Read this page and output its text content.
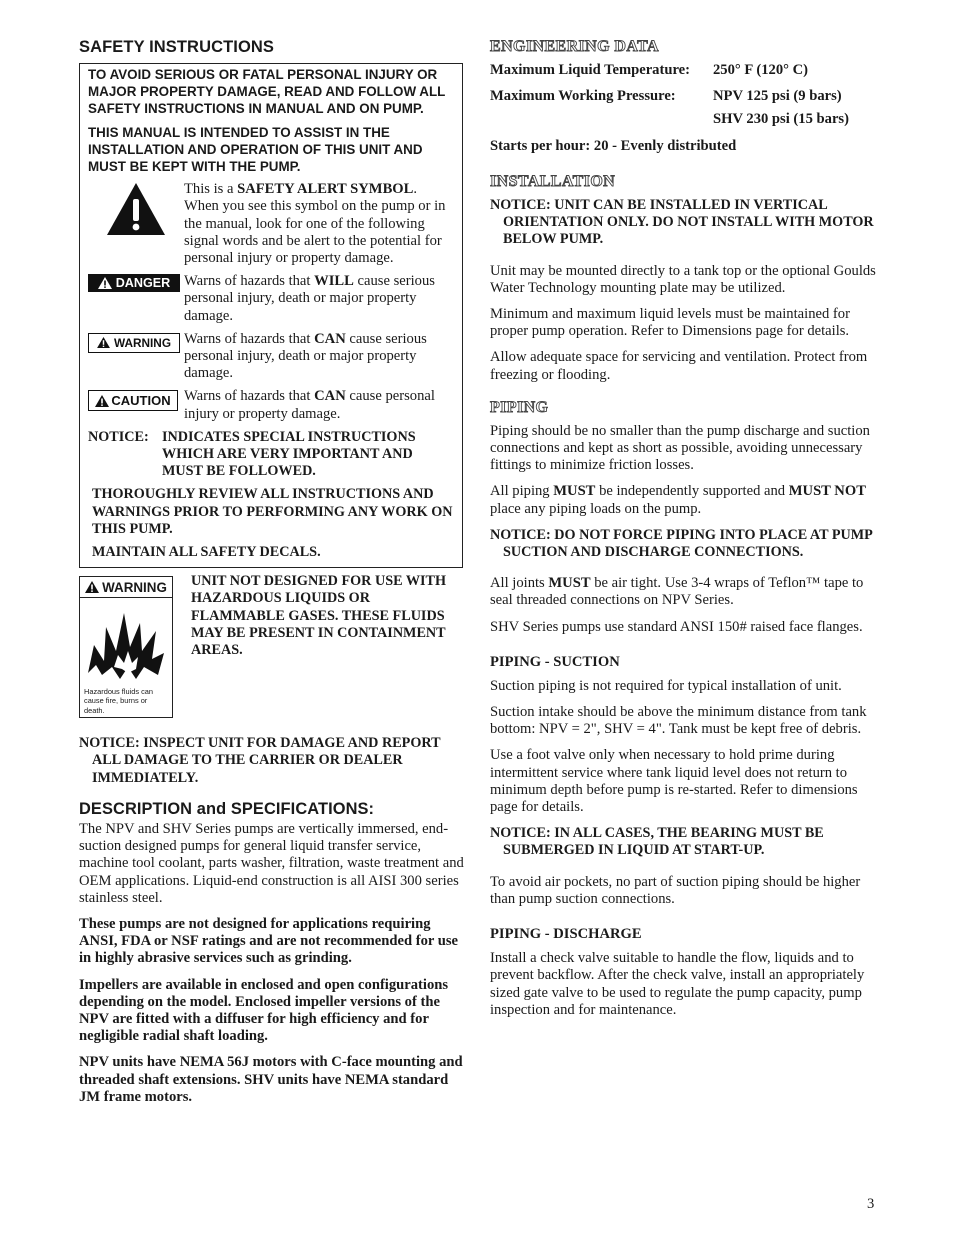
SAFETY INSTRUCTIONS

TO AVOID SERIOUS OR FATAL PERSONAL INJURY OR MAJOR PROPERTY DAMAGE, READ AND FOLLOW ALL SAFETY INSTRUCTIONS IN MANUAL AND ON PUMP.

THIS MANUAL IS INTENDED TO ASSIST IN THE INSTALLATION AND OPERATION OF THIS UNIT AND MUST BE KEPT WITH THE PUMP.

This is a SAFETY ALERT SYMBOL. When you see this symbol on the pump or in the manual, look for one of the following signal words and be alert to the potential for personal injury or property damage.

DANGER Warns of hazards that WILL cause serious personal injury, death or major property damage.

WARNING Warns of hazards that CAN cause serious personal injury, death or major property damage.

CAUTION Warns of hazards that CAN cause personal injury or property damage.

NOTICE: INDICATES SPECIAL INSTRUCTIONS WHICH ARE VERY IMPORTANT AND MUST BE FOLLOWED.

THOROUGHLY REVIEW ALL INSTRUCTIONS AND WARNINGS PRIOR TO PERFORMING ANY WORK ON THIS PUMP.

MAINTAIN ALL SAFETY DECALS.

WARNING
Hazardous fluids can cause fire, burns or death.

UNIT NOT DESIGNED FOR USE WITH HAZARDOUS LIQUIDS OR FLAMMABLE GASES. THESE FLUIDS MAY BE PRESENT IN CONTAINMENT AREAS.

NOTICE: INSPECT UNIT FOR DAMAGE AND REPORT ALL DAMAGE TO THE CARRIER OR DEALER IMMEDIATELY.

DESCRIPTION and SPECIFICATIONS:

The NPV and SHV Series pumps are vertically immersed, end-suction designed pumps for general liquid transfer service, machine tool coolant, parts washer, filtration, waste treatment and OEM applications. Liquid-end construction is all AISI 300 series stainless steel.

These pumps are not designed for applications requiring ANSI, FDA or NSF ratings and are not recommended for use in highly abrasive services such as grinding.

Impellers are available in enclosed and open configurations depending on the model. Enclosed impeller versions of the NPV are fitted with a diffuser for high efficiency and for negligible radial shaft loading.

NPV units have NEMA 56J motors with C-face mounting and threaded shaft extensions. SHV units have NEMA standard JM frame motors.

ENGINEERING DATA
Maximum Liquid Temperature:	250° F (120° C)
Maximum Working Pressure:	NPV 125 psi (9 bars)
SHV 230 psi (15 bars)
Starts per hour: 20 - Evenly distributed
INSTALLATION

NOTICE: UNIT CAN BE INSTALLED IN VERTICAL ORIENTATION ONLY. DO NOT INSTALL WITH MOTOR BELOW PUMP.

Unit may be mounted directly to a tank top or the optional Goulds Water Technology mounting plate may be utilized.

Minimum and maximum liquid levels must be maintained for proper pump operation. Refer to Dimensions page for details.

Allow adequate space for servicing and ventilation. Protect from freezing or flooding.

PIPING

Piping should be no smaller than the pump discharge and suction connections and kept as short as possible, avoiding unnecessary fittings to minimize friction losses.

All piping MUST be independently supported and MUST NOT place any piping loads on the pump.

NOTICE: DO NOT FORCE PIPING INTO PLACE AT PUMP SUCTION AND DISCHARGE CONNECTIONS.

All joints MUST be air tight. Use 3-4 wraps of Teflon™ tape to seal threaded connections on NPV Series.

SHV Series pumps use standard ANSI 150# raised face flanges.

PIPING - SUCTION

Suction piping is not required for typical installation of unit.

Suction intake should be above the minimum distance from tank bottom: NPV = 2", SHV = 4". Tank must be kept free of debris.

Use a foot valve only when necessary to hold prime during intermittent service where tank liquid level does not return to minimum depth before pump is re-started. Refer to dimensions page for details.

NOTICE: IN ALL CASES, THE BEARING MUST BE SUBMERGED IN LIQUID AT START-UP.

To avoid air pockets, no part of suction piping should be higher than pump suction connections.

PIPING - DISCHARGE

Install a check valve suitable to handle the flow, liquids and to prevent backflow. After the check valve, install an appropriately sized gate valve to be used to regulate the pump capacity, pump inspection and for maintenance.

3
